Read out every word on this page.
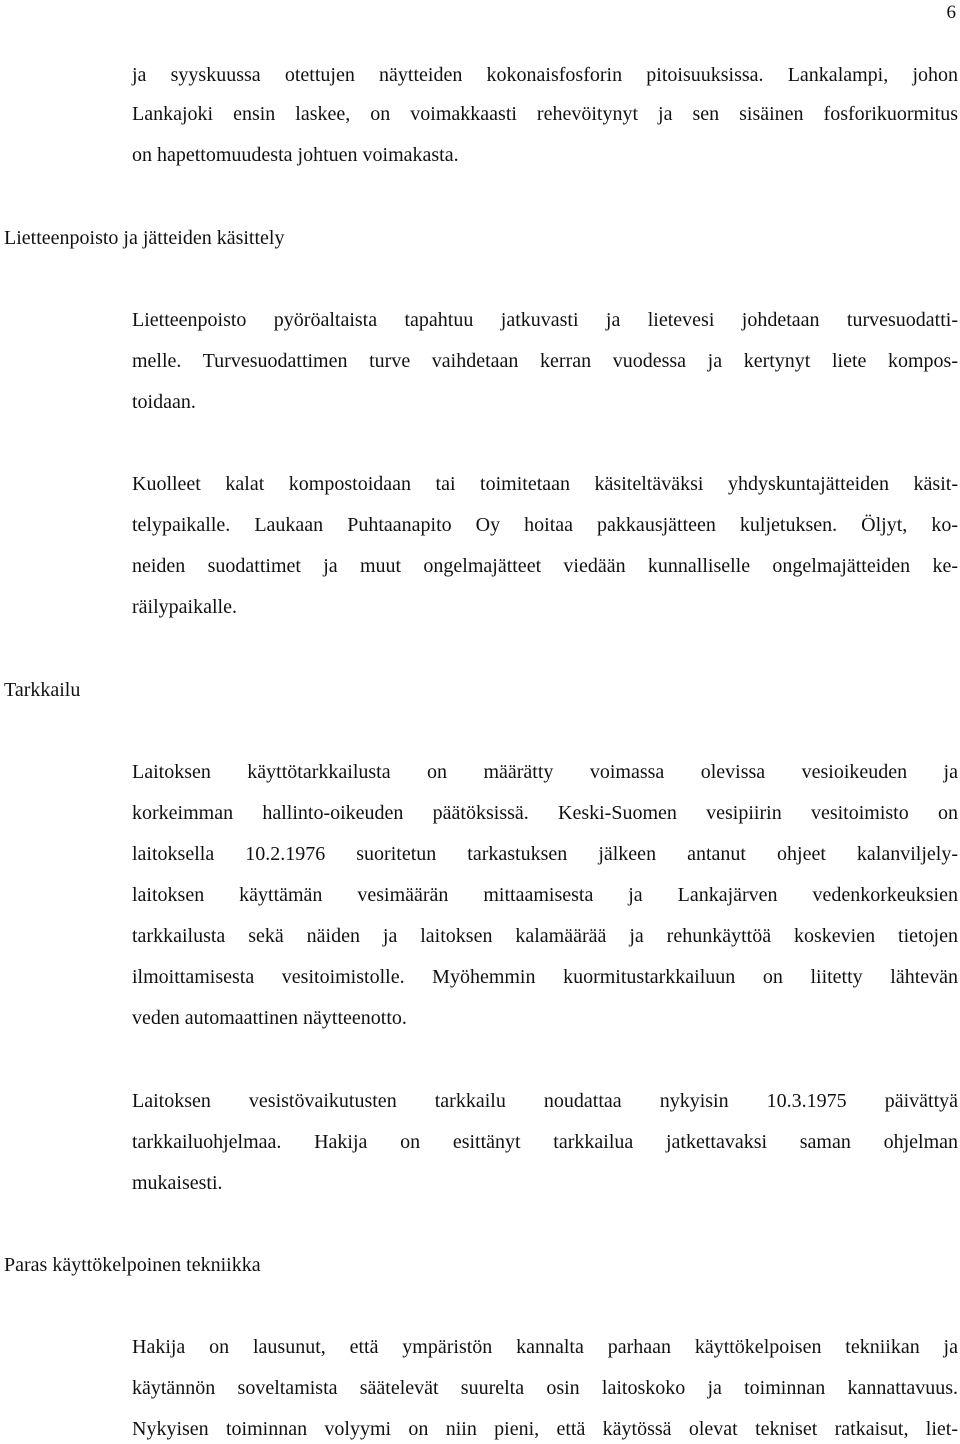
6
ja syyskuussa otettujen näytteiden kokonaisfosforin pitoisuuksissa. Lankalampi, johon
Lankajoki ensin laskee, on voimakkaasti rehevöitynyt ja sen sisäinen fosforikuormitus
on hapettomuudesta johtuen voimakasta.
Lietteenpoisto ja jätteiden käsittely
Lietteenpoisto pyöröaltaista tapahtuu jatkuvasti ja lietevesi johdetaan turvesuodatti-
melle. Turvesuodattimen turve vaihdetaan kerran vuodessa ja kertynyt liete kompos-
toidaan.
Kuolleet kalat kompostoidaan tai toimitetaan käsiteltäväksi yhdyskuntajätteiden käsit-
telypaikalle. Laukaan Puhtaanapito Oy hoitaa pakkausjätteen kuljetuksen. Öljyt, ko-
neiden suodattimet ja muut ongelmajätteet viedään kunnalliselle ongelmajätteiden ke-
räilypaikalle.
Tarkkailu
Laitoksen käyttötarkkailusta on määrätty voimassa olevissa vesioikeuden ja
korkeimman hallinto-oikeuden päätöksissä. Keski-Suomen vesipiirin vesitoimisto on
laitoksella 10.2.1976 suoritetun tarkastuksen jälkeen antanut ohjeet kalanviljely-
laitoksen käyttämän vesimäärän mittaamisesta ja Lankajärven vedenkorkeuksien
tarkkailusta sekä näiden ja laitoksen kalamäärää ja rehunkäyttöä koskevien tietojen
ilmoittamisesta vesitoimistolle. Myöhemmin kuormitustarkkailuun on liitetty lähtevän
veden automaattinen näytteenotto.
Laitoksen vesistövaikutusten tarkkailu noudattaa nykyisin 10.3.1975 päivättyä
tarkkailuohjelmaa. Hakija on esittänyt tarkkailua jatkettavaksi saman ohjelman
mukaisesti.
Paras käyttökelpoinen tekniikka
Hakija on lausunut, että ympäristön kannalta parhaan käyttökelpoisen tekniikan ja
käytännön soveltamista säätelevät suurelta osin laitoskoko ja toiminnan kannattavuus.
Nykyisen toiminnan volyymi on niin pieni, että käytössä olevat tekniset ratkaisut, liet-
